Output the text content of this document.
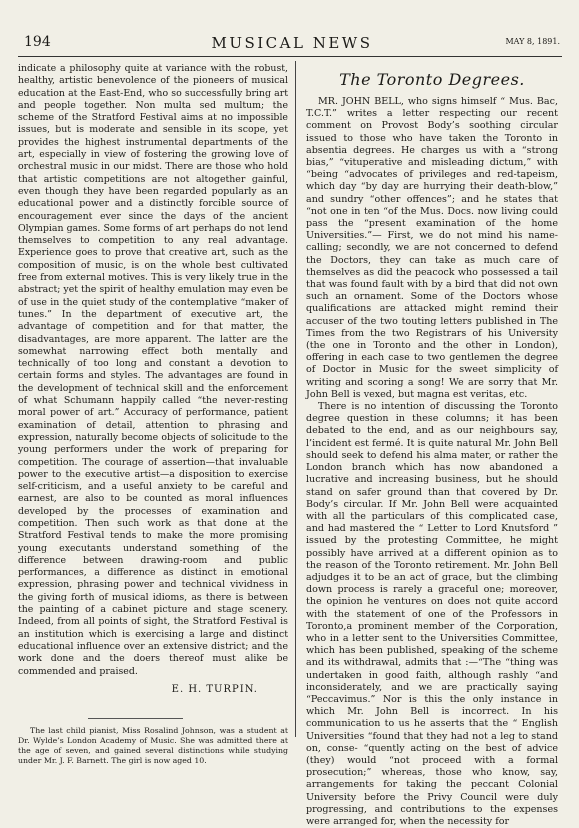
194	MUSICAL NEWS	MAY 8, 1891.

indicate a philosophy quite at variance with the robust, healthy, artistic benevolence of the pioneers of musical education at the East-End, who so successfully bring art and people together. Non multa sed multum; the scheme of the Stratford Festival aims at no impossible issues, but is moderate and sensible in its scope, yet provides the highest instrumental departments of the art, especially in view of fostering the growing love of orchestral music in our midst. There are those who hold that artistic competitions are not altogether gainful, even though they have been regarded popularly as an educational power and a distinctly forcible source of encouragement ever since the days of the ancient Olympian games. Some forms of art perhaps do not lend themselves to competition to any real advantage. Experience goes to prove that creative art, such as the composition of music, is on the whole best cultivated free from external motives. This is very likely true in the abstract; yet the spirit of healthy emulation may even be of use in the quiet study of the contemplative “maker of tunes.” In the department of executive art, the advantage of competition and for that matter, the disadvantages, are more apparent. The latter are the somewhat narrowing effect both mentally and technically of too long and constant a devotion to certain forms and styles. The advantages are found in the development of technical skill and the enforcement of what Schumann happily called “the never-resting moral power of art.” Accuracy of performance, patient examination of detail, attention to phrasing and expression, naturally become objects of solicitude to the young performers under the work of preparing for competition. The courage of assertion—that invaluable power to the executive artist—a disposition to exercise self-criticism, and a useful anxiety to be careful and earnest, are also to be counted as moral influences developed by the processes of examination and competition. Then such work as that done at the Stratford Festival tends to make the more promising young executants understand something of the difference between drawing-room and public performances, a difference as distinct in emotional expression, phrasing power and technical vividness in the giving forth of musical idioms, as there is between the painting of a cabinet picture and stage scenery. Indeed, from all points of sight, the Stratford Festival is an institution which is exercising a large and distinct educational influence over an extensive district; and the work done and the doers thereof must alike be commended and praised.

E. H. TURPIN.
The last child pianist, Miss Rosalind Johnson, was a student at Dr. Wylde’s London Academy of Music. She was admitted there at the age of seven, and gained several distinctions while studying under Mr. J. F. Barnett. The girl is now aged 10.
The Toronto Degrees.

MR. JOHN BELL, who signs himself “ Mus. Bac, T.C.T.” writes a letter respecting our recent comment on Provost Body’s soothing circular issued to those who have taken the Toronto in absentia degrees. He charges us with a “strong bias,” “vituperative and misleading dictum,” with “being “advocates of privileges and red-tapeism, which day “by day are hurrying their death-blow,” and sundry “other offences”; and he states that “not one in ten “of the Mus. Docs. now living could pass the “present examination of the home Universities.”— First, we do not mind his name-calling; secondly, we are not concerned to defend the Doctors, they can take as much care of themselves as did the peacock who possessed a tail that was found fault with by a bird that did not own such an ornament. Some of the Doctors whose qualifications are attacked might remind their accuser of the two touting letters published in The Times from the two Registrars of his University (the one in Toronto and the other in London), offering in each case to two gentlemen the degree of Doctor in Music for the sweet simplicity of writing and scoring a song! We are sorry that Mr. John Bell is vexed, but magna est veritas, etc.

There is no intention of discussing the Toronto degree question in these columns; it has been debated to the end, and as our neighbours say, l’incident est fermé. It is quite natural Mr. John Bell should seek to defend his alma mater, or rather the London branch which has now abandoned a lucrative and increasing business, but he should stand on safer ground than that covered by Dr. Body’s circular. If Mr. John Bell were acquainted with all the particulars of this complicated case, and had mastered the “ Letter to Lord Knutsford ” issued by the protesting Committee, he might possibly have arrived at a different opinion as to the reason of the Toronto retirement. Mr. John Bell adjudges it to be an act of grace, but the climbing down process is rarely a graceful one; moreover, the opinion he ventures on does not quite accord with the statement of one of the Professors in Toronto,a prominent member of the Corporation, who in a letter sent to the Universities Committee, which has been published, speaking of the scheme and its withdrawal, admits that :—“The “thing was undertaken in good faith, although rashly “and inconsiderately, and we are practically saying “Peccavimus.” Nor is this the only instance in which Mr. John Bell is incorrect. In his communication to us he asserts that the “ English Universities “found that they had not a leg to stand on, conse- “quently acting on the best of advice (they) would “not proceed with a formal prosecution;” whereas, those who know, say, arrangements for taking the peccant Colonial University before the Privy Council were duly progressing, and contributions to the expenses were arranged for, when the necessity for
